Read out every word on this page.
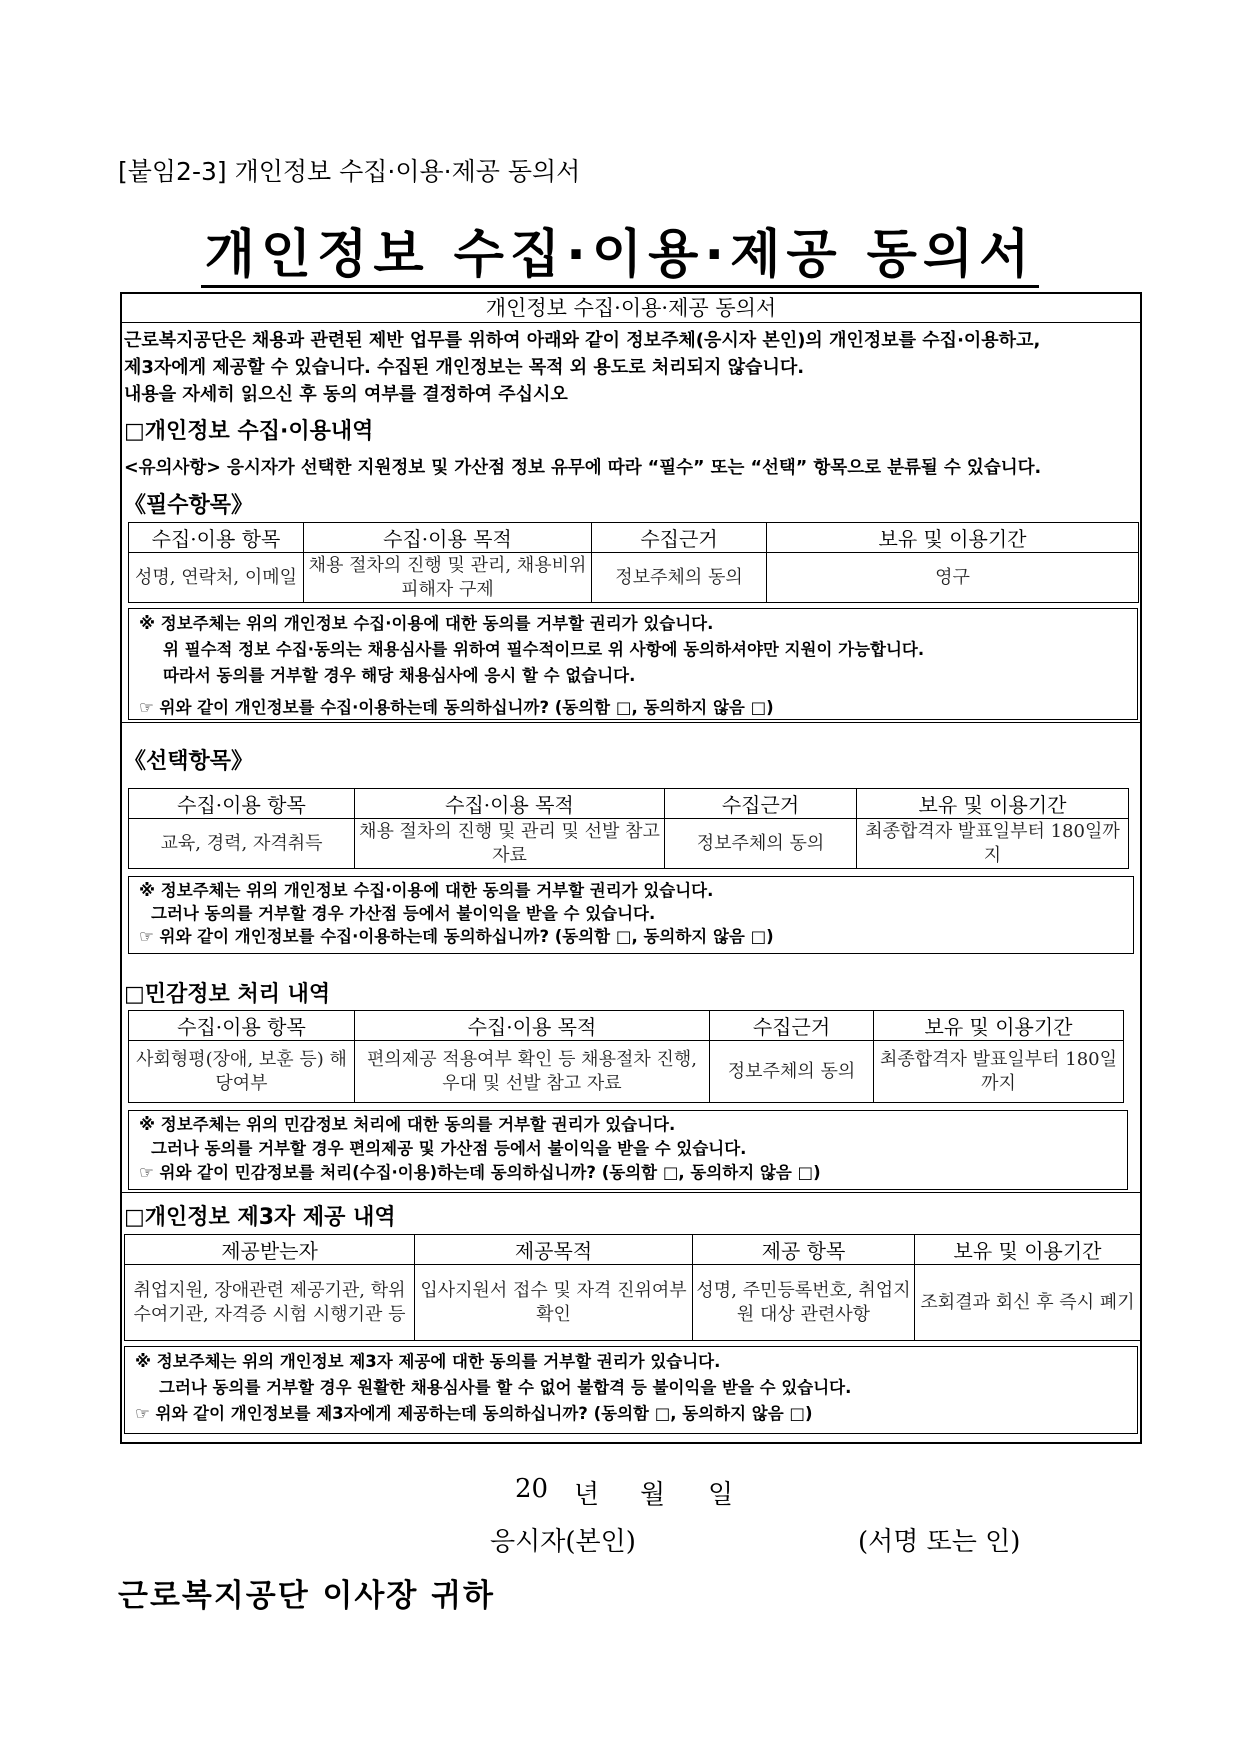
[붙임2-3] 개인정보 수집·이용·제공 동의서
개인정보 수집·이용·제공 동의서
개인정보 수집·이용·제공 동의서
근로복지공단은 채용과 관련된 제반 업무를 위하여 아래와 같이 정보주체(응시자 본인)의 개인정보를 수집·이용하고,
제3자에게 제공할 수 있습니다. 수집된 개인정보는 목적 외 용도로 처리되지 않습니다.
내용을 자세히 읽으신 후 동의 여부를 결정하여 주십시오
□개인정보 수집·이용내역
<유의사항> 응시자가 선택한 지원정보 및 가산점 정보 유무에 따라 “필수” 또는 “선택” 항목으로 분류될 수 있습니다.
《필수항목》
수집·이용 항목	수집·이용 목적	수집근거	보유 및 이용기간
성명, 연락처, 이메일	채용 절차의 진행 및 관리, 채용비위 피해자 구제	정보주체의 동의	영구
※ 정보주체는 위의 개인정보 수집·이용에 대한 동의를 거부할 권리가 있습니다.
위 필수적 정보 수집·동의는 채용심사를 위하여 필수적이므로 위 사항에 동의하셔야만 지원이 가능합니다.
따라서 동의를 거부할 경우 해당 채용심사에 응시 할 수 없습니다.
☞ 위와 같이 개인정보를 수집·이용하는데 동의하십니까? (동의함 □, 동의하지 않음 □)
《선택항목》
수집·이용 항목	수집·이용 목적	수집근거	보유 및 이용기간
교육, 경력, 자격취득	채용 절차의 진행 및 관리 및 선발 참고 자료	정보주체의 동의	최종합격자 발표일부터 180일까지
※ 정보주체는 위의 개인정보 수집·이용에 대한 동의를 거부할 권리가 있습니다.
그러나 동의를 거부할 경우 가산점 등에서 불이익을 받을 수 있습니다.
☞ 위와 같이 개인정보를 수집·이용하는데 동의하십니까? (동의함 □, 동의하지 않음 □)
□민감정보 처리 내역
수집·이용 항목	수집·이용 목적	수집근거	보유 및 이용기간
사회형평(장애, 보훈 등) 해당여부	편의제공 적용여부 확인 등 채용절차 진행, 우대 및 선발 참고 자료	정보주체의 동의	최종합격자 발표일부터 180일까지
※ 정보주체는 위의 민감정보 처리에 대한 동의를 거부할 권리가 있습니다.
그러나 동의를 거부할 경우 편의제공 및 가산점 등에서 불이익을 받을 수 있습니다.
☞ 위와 같이 민감정보를 처리(수집·이용)하는데 동의하십니까? (동의함 □, 동의하지 않음 □)
□개인정보 제3자 제공 내역
제공받는자	제공목적	제공 항목	보유 및 이용기간
취업지원, 장애관련 제공기관, 학위수여기관, 자격증 시험 시행기관 등	입사지원서 접수 및 자격 진위여부 확인	성명, 주민등록번호, 취업지원 대상 관련사항	조회결과 회신 후 즉시 폐기
※ 정보주체는 위의 개인정보 제3자 제공에 대한 동의를 거부할 권리가 있습니다.
그러나 동의를 거부할 경우 원활한 채용심사를 할 수 없어 불합격 등 불이익을 받을 수 있습니다.
☞ 위와 같이 개인정보를 제3자에게 제공하는데 동의하십니까? (동의함 □, 동의하지 않음 □)
20 년 월 일
응시자(본인)	(서명 또는 인)
근로복지공단 이사장 귀하
